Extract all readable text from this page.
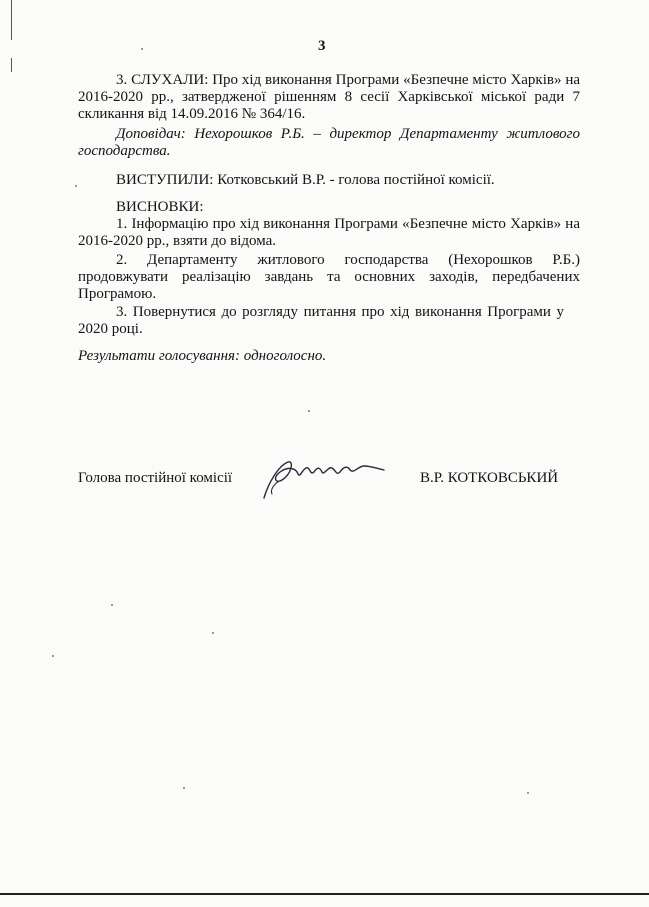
3

3. СЛУХАЛИ: Про хід виконання Програми «Безпечне місто Харків» на 2016-2020 рр., затвердженої рішенням 8 сесії Харківської міської ради 7 скликання від 14.09.2016 № 364/16.

Доповідач: Нехорошков Р.Б. – директор Департаменту житлового господарства.

ВИСТУПИЛИ: Котковський В.Р. - голова постійної комісії.

ВИСНОВКИ:

1. Інформацію про хід виконання Програми «Безпечне місто Харків» на 2016-2020 рр., взяти до відома.

2. Департаменту житлового господарства (Нехорошков Р.Б.) продовжувати реалізацію завдань та основних заходів, передбачених Програмою.

3. Повернутися до розгляду питання про хід виконання Програми у 2020 році.

Результати голосування: одноголосно.

Голова постійної комісії	В.Р. КОТКОВСЬКИЙ
